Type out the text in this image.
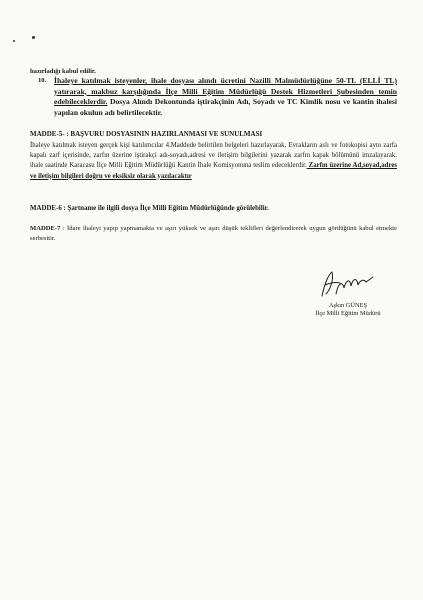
hazırladığı kabul edilir.
10. İhaleye katılmak isteyenler, ihale dosyası alındı ücretini Nazilli Malmüdürlüğüne 50-TL (ELLİ TL) yatırarak, makbuz karşılığında İlçe Milli Eğitim Müdürlüğü Destek Hizmetleri Şubesinden temin edebileceklerdir. Dosya Alındı Dekontunda iştirakçinin Adı, Soyadı ve TC Kimlik nosu ve kantin ihalesi yapılan okulun adı belirtilecektir.
MADDE-5- : BAŞVURU DOSYASININ HAZIRLANMASI VE SUNULMASI
İhaleye katılmak isteyen gerçek kişi katılımcılar 4.Maddede belirtilen belgeleri hazırlayarak, Evrakların aslı ve fotokopisi aynı zarfa kapalı zarf içerisinde, zarfın üzerine iştirakçi adı-soyadı,adresi ve iletişim bilgilerini yazarak zarfın kapak bölümünü imzalayarak. ihale saatinde Karacasu İlçe Milli Eğitim Müdürlüğü Kantin İhale Komisyonuna teslim edeceklerdir. Zarfın üzerine Ad,soyad,adres ve iletişim bilgileri doğru ve eksiksiz olarak yazılacaktır
MADDE-6 : Şartname ile ilgili dosya İlçe Milli Eğitim Müdürlüğünde görülebilir.
MADDE-7 : İdare ihaleyi yapıp yapmamakta ve aşırı yüksek ve aşırı düşük teklifleri değerlendirerek uygun gördüğünü kabul etmekte serbesttir.
Aşkın GÜNEŞ
İlçe Milli Eğitim Müdürü
